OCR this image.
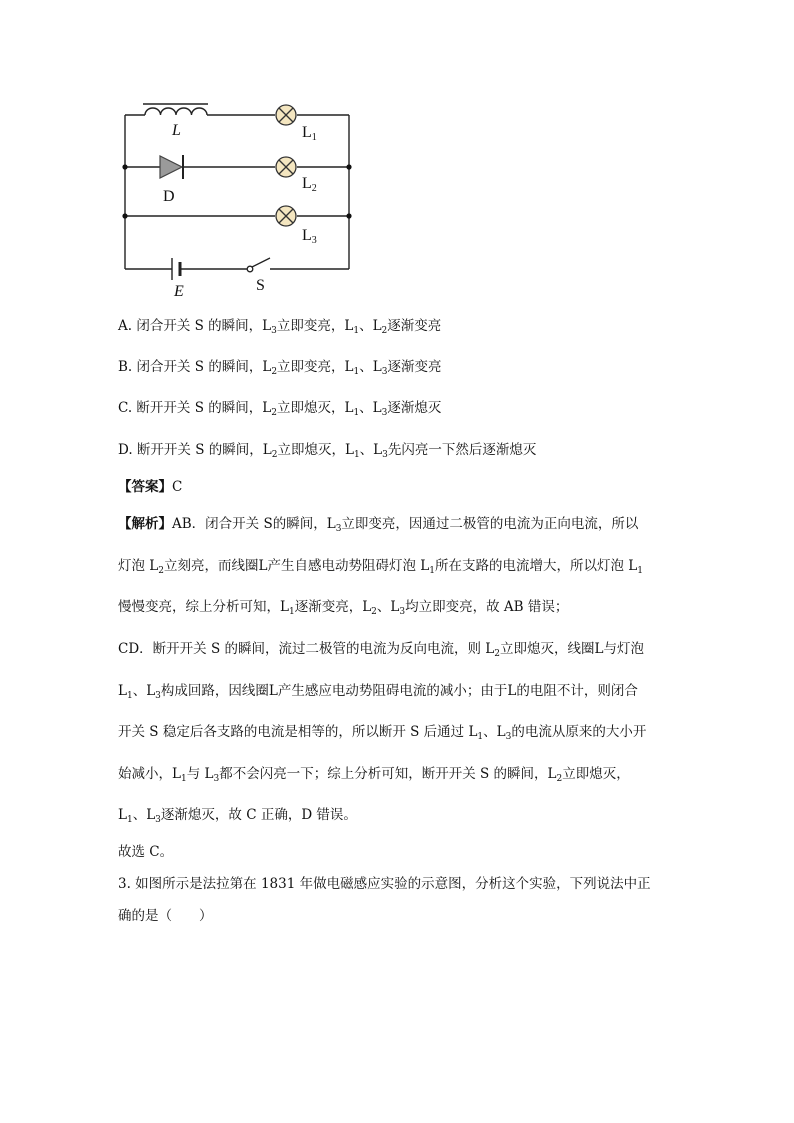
L	L1
D
L2
L3
E	S
A. 闭合开关 S 的瞬间，$L_3$立即变亮，$L_1$、$L_2$逐渐变亮
B. 闭合开关 S 的瞬间，$L_2$立即变亮，$L_1$、$L_3$逐渐变亮
C. 断开开关 S 的瞬间，$L_2$立即熄灭，$L_1$、$L_3$逐渐熄灭
D. 断开开关 S 的瞬间，$L_2$立即熄灭，$L_1$、$L_3$先闪亮一下然后逐渐熄灭
【答案】C
【解析】AB．闭合开关 S的瞬间，$L_3$立即变亮，因通过二极管的电流为正向电流，所以
灯泡 $L_2$立刻亮，而线圈L产生自感电动势阻碍灯泡 $L_1$所在支路的电流增大，所以灯泡 $L_1$
慢慢变亮，综上分析可知，$L_1$逐渐变亮，$L_2$、$L_3$均立即变亮，故 AB 错误；
CD．断开开关 S 的瞬间，流过二极管的电流为反向电流，则 $L_2$立即熄灭，线圈L与灯泡
$L_1$、$L_3$构成回路，因线圈L产生感应电动势阻碍电流的减小；由于L的电阻不计，则闭合
开关 S 稳定后各支路的电流是相等的，所以断开 S 后通过 $L_1$、$L_3$的电流从原来的大小开
始减小，$L_1$与 $L_3$都不会闪亮一下；综上分析可知，断开开关 S 的瞬间，$L_2$立即熄灭，
$L_1$、$L_3$逐渐熄灭，故 C 正确，D 错误。
故选 C。
3. 如图所示是法拉第在 1831 年做电磁感应实验的示意图，分析这个实验，下列说法中正
确的是（　　）
